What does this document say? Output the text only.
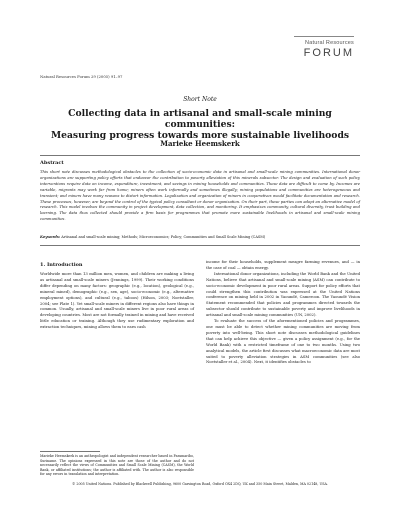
Natural Resources
FORUM
Natural Resources Forum 29 (2005) 91–97
Short Note
Collecting data in artisanal and small-scale mining communities:
Measuring progress towards more sustainable livelihoods
Marieke Heemskerk
Abstract
This short note discusses methodological obstacles to the collection of socio-economic data in artisanal and small-scale mining communities. International donor organizations are supporting policy efforts that endeavor the contribution to poverty alleviation of this minerals subsector. The design and evaluation of such policy interventions require data on income, expenditure, investment, and savings in mining households and communities. These data are difficult to come by. Incomes are variable, migrants may work far from home; miners often work informally and sometimes illegally; mining populations and communities are heterogeneous and transient; and miners have many reasons to distort information. Legalization and organization of miners in cooperatives would facilitate documentation and research. These processes, however, are beyond the control of the typical policy consultant or donor organization. On their part, these parties can adopt an alternative model of research. This model involves the community in project development, data collection, and monitoring. It emphasizes community, cultural diversity, trust building and learning. The data thus collected should provide a firm basis for programmes that promote more sustainable livelihoods in artisanal and small-scale mining communities.
Keywords: Artisanal and small-scale mining; Methods; Microeconomics; Policy; Communities and Small Scale Mining (CASM)
1. Introduction

Worldwide more than 13 million men, women, and children are making a living as artisanal and small-scale miners (Jennings, 1999). Their working conditions differ depending on many factors: geographic (e.g., location), geological (e.g., mineral mined), demographic (e.g., sex, age), socio-economic (e.g., alternative employment options), and cultural (e.g., taboos) (Hilson, 2003; Noetstaller, 2004; see Plate 1). Yet small-scale miners in different regions also have things in common. Usually, artisanal and small-scale miners live in poor rural areas of developing countries. Most are not formally trained in mining and have received little education or training. Although they use rudimentary exploration and extraction techniques, mining allows them to earn cash

income for their households, supplement meagre farming revenues, and — in the case of coal — obtain energy.

International donor organizations, including the World Bank and the United Nations, believe that artisanal and small-scale mining (ASM) can contribute to socio-economic development in poor rural areas. Support for policy efforts that could strengthen this contribution was expressed at the United Nations conference on mining held in 2002 in Yaoundé, Cameroon. The Yaoundé Vision Statement recommended that policies and programmes directed towards the subsector should contribute to sustainable poverty and improve livelihoods in artisanal and small-scale mining communities (UN, 2002).

To evaluate the success of the aforementioned policies and programmes, one must be able to detect whether mining communities are moving from poverty into well-being. This short note discusses methodological guidelines that can help achieve this objective — given a policy assignment (e.g., for the World Bank) with a restricted timeframe of one to two months. Using two analytical models, the article first discusses what macroeconomic data are most suited to poverty alleviation strategies in ASM communities (see also Noetstaller et al., 2004). Next, it identifies obstacles to

Marieke Heemskerk is an anthropologist and independent researcher based in Paramaribo, Suriname. The opinions expressed in this note are those of the author and do not necessarily reflect the views of Communities and Small Scale Mining (CASM), the World Bank, or affiliated institutions; the author is affiliated with. The author is also responsible for any errors in translation and interpretation.
© 2005 United Nations. Published by Blackwell Publishing, 9600 Garsington Road, Oxford OX4 2DQ, UK and 350 Main Street, Malden, MA 02148, USA.
